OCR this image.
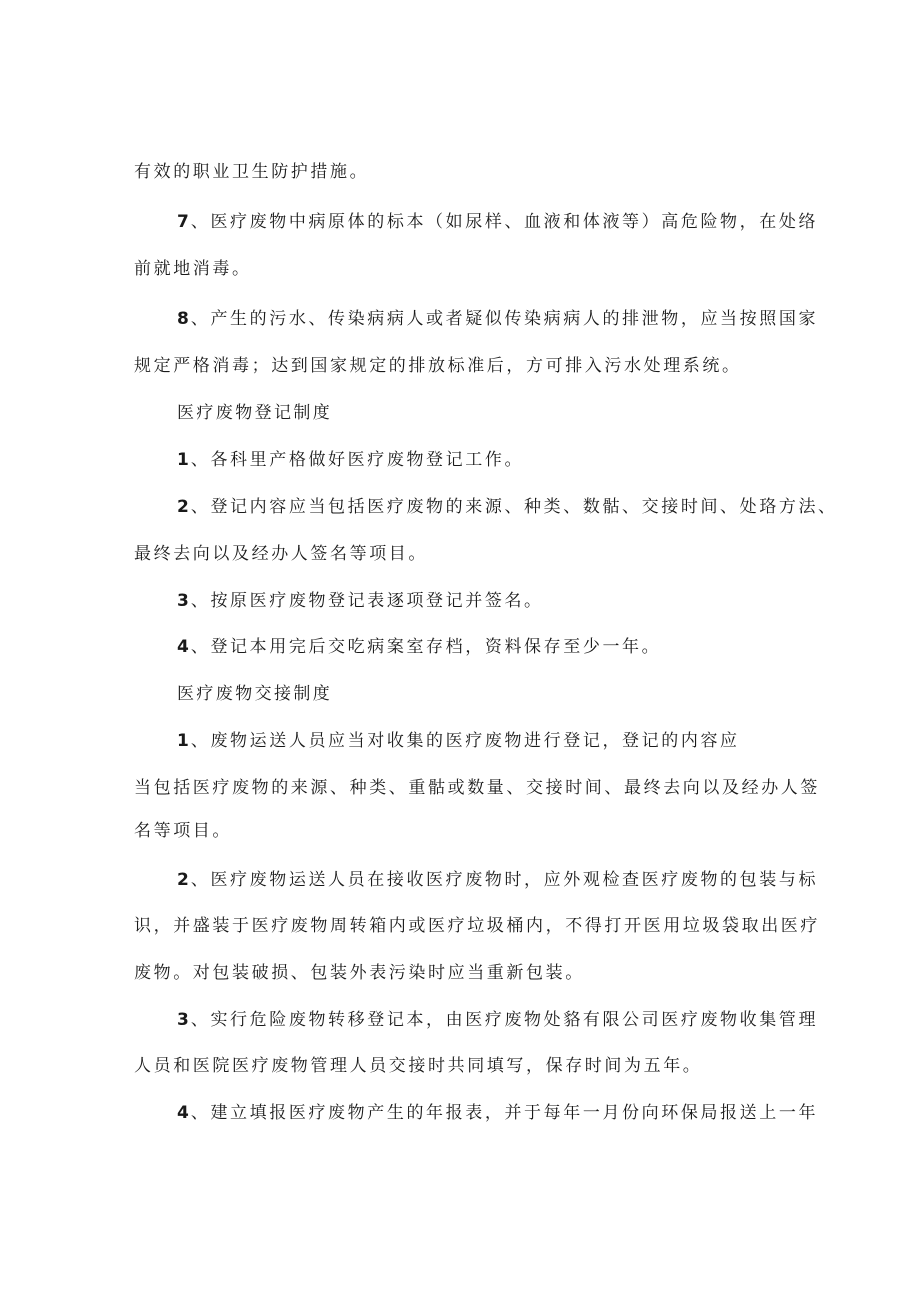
有效的职业卫生防护措施。
7 、医疗废物中病原体的标本（如尿样、血液和体液等）高危险物，在处络
前就地消毒。
8 、产生的污水、传染病病人或者疑似传染病病人的排泄物，应当按照国家
规定严格消毒；达到国家规定的排放标准后，方可排入污水处理系统。
医疗废物登记制度
1 、各科里产格做好医疗废物登记工作。
2 、登记内容应当包括医疗废物的来源、种类、数骷、交接时间、处珞方法、
最终去向以及经办人签名等项目。
3 、按原医疗废物登记表逐项登记并签名。
4 、登记本用完后交吃病案室存档，资料保存至少一年。
医疗废物交接制度
1 、废物运送人员应当对收集的医疗废物进行登记，登记的内容应
当包括医疗废物的来源、种类、重骷或数量、交接时间、最终去向以及经办人签
名等项目。
2 、医疗废物运送人员在接收医疗废物时，应外观检查医疗废物的包装与标
识，并盛装于医疗废物周转箱内或医疗垃圾桶内，不得打开医用垃圾袋取出医疗
废物。对包装破损、包装外表污染时应当重新包装。
3 、实行危险废物转移登记本，由医疗废物处貉有限公司医疗废物收集管理
人员和医院医疗废物管理人员交接时共同填写，保存时间为五年。
4 、建立填报医疗废物产生的年报表，并于每年一月份向环保局报送上一年
